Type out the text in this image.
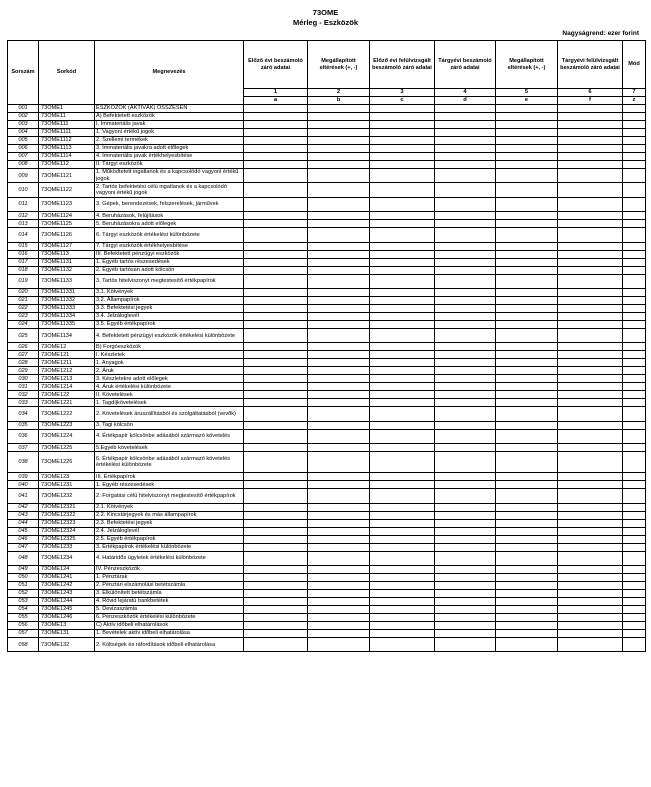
73OME
Mérleg - Eszközök
Nagyságrend: ezer forint
Sorszám	Sorkód	Megnevezés	Előző évi beszámoló záró adatai	Megállapított eltérések (+, -)	Előző évi felülvizsgált beszámoló záró adatai	Tárgyévi beszámoló záró adatai	Megállapított eltérések (+, -)	Tárgyévi felülvizsgált beszámoló záró adatai	Mód
			1	2	3	4	5	6	7
			a	b	c	d	e	f	z
001	73OME1	ESZKÖZÖK (AKTÍVÁK) ÖSSZESEN							
002	73OME11	A) Befektetett eszközök							
003	73OME111	I. Immateriális javak							
004	73OME1111	1. Vagyoni értékű jogok							
005	73OME1112	2. Szellemi termékek							
006	73OME1113	3. Immateriális javakra adott előlegek							
007	73OME1114	4. Immateriális javak értékhelyesbítése							
008	73OME112	II. Tárgyi eszközök							
009	73OME1121	1. Működtetett ingatlanok és a kapcsolódó vagyoni értékű jogok							
010	73OME1122	2. Tartós befektetési célú ingatlanok és a kapcsolódó vagyoni értékű jogok							
011	73OME1123	3. Gépek, berendezések, felszerelések, járművek							
012	73OME1124	4. Beruházások, felújítások							
013	73OME1125	5. Beruházásokra adott előlegek							
014	73OME1126	6. Tárgyi eszközök értékelési különbözete							
015	73OME1127	7. Tárgyi eszközök értékhelyesbítése							
016	73OME113	III. Befektetett pénzügyi eszközök							
017	73OME1131	1. Egyéb tartós részesedések							
018	73OME1132	2. Egyéb tartósan adott kölcsön							
019	73OME1133	3. Tartós hitelviszonyt megtestesítő értékpapírok							
020	73OME11331	3.1. Kötvények							
021	73OME11332	3.2. Állampapírok							
022	73OME11333	3.3. Befektetési jegyek							
023	73OME11334	3.4. Jelzáloglevél							
024	73OME11335	3.5. Egyéb értékpapírok							
025	73OME1134	4. Befektetett pénzügyi eszközök értékelési különbözete							
026	73OME12	B) Forgóeszközök							
027	73OME121	I. Készletek							
028	73OME1211	1. Anyagok							
029	73OME1212	2. Áruk							
030	73OME1213	3. Készletekre adott előlegek							
031	73OME1214	4. Áruk értékelési különbözete							
032	73OME122	II. Követelések							
033	73OME1221	1. Tagdíjkövetelések							
034	73OME1222	2. Követelések áruszállításból és szolgáltatásból (vevők)							
035	73OME1223	3. Tagi kölcsön							
036	73OME1224	4. Értékpapír kölcsönbe adásából származó követelés							
037	73OME1225	5.Egyéb követelések							
038	73OME1226	6. Értékpapír kölcsönbe adásából származó követelés értékelési különbözete							
039	73OME123	III. Értékpapírok							
040	73OME1231	1. Egyéb részesedések							
041	73OME1232	2. Forgatási célú hitelviszonyt megtestesítő értékpapírok							
042	73OME12321	2.1. Kötvények							
043	73OME12322	2.2. Kincstárjegyek és más állampapírok							
044	73OME12323	2.3. Befektetési jegyek							
045	73OME12324	2.4. Jelzáloglevél							
046	73OME12325	2.5. Egyéb értékpapírok							
047	73OME1233	3. Értékpapírok értékelési különbözete							
048	73OME1234	4. Határidős ügyletek értékelési különbözete							
049	73OME124	IV. Pénzeszközök							
050	73OME1241	1. Pénztárak							
051	73OME1242	2. Pénztári elszámolási betétszámla							
052	73OME1243	3. Elkülönített betétszámla							
053	73OME1244	4. Rövid lejáratú bankbetétek							
054	73OME1245	5. Devizaszámla							
055	73OME1246	6. Pénzeszközök értékelési különbözete							
056	73OME13	C) Aktív időbeli elhatárolások							
057	73OME131	1. Bevételek aktív időbeli elhatárolása							
058	73OME132	2. Költségek és ráfordítások időbeli elhatárolása							
